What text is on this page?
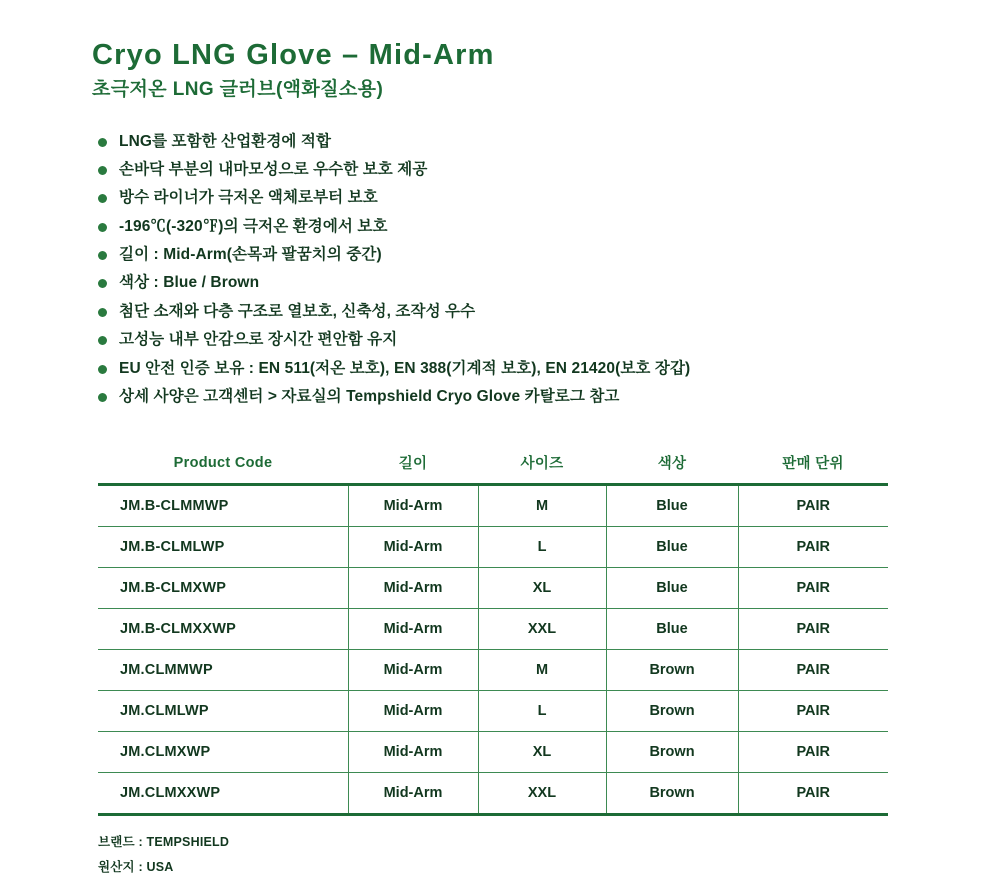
Cryo LNG Glove – Mid-Arm
초극저온 LNG 글러브(액화질소용)
LNG를 포함한 산업환경에 적합
손바닥 부분의 내마모성으로 우수한 보호 제공
방수 라이너가 극저온 액체로부터 보호
-196℃(-320℉)의 극저온 환경에서 보호
길이 : Mid-Arm(손목과 팔꿈치의 중간)
색상 : Blue / Brown
첨단 소재와 다층 구조로 열보호, 신축성, 조작성 우수
고성능 내부 안감으로 장시간 편안함 유지
EU 안전 인증 보유 : EN 511(저온 보호), EN 388(기계적 보호), EN 21420(보호 장갑)
상세 사양은 고객센터 > 자료실의 Tempshield Cryo Glove 카탈로그 참고
Product Code	길이	사이즈	색상	판매 단위
JM.B-CLMMWP	Mid-Arm	M	Blue	PAIR
JM.B-CLMLWP	Mid-Arm	L	Blue	PAIR
JM.B-CLMXWP	Mid-Arm	XL	Blue	PAIR
JM.B-CLMXXWP	Mid-Arm	XXL	Blue	PAIR
JM.CLMMWP	Mid-Arm	M	Brown	PAIR
JM.CLMLWP	Mid-Arm	L	Brown	PAIR
JM.CLMXWP	Mid-Arm	XL	Brown	PAIR
JM.CLMXXWP	Mid-Arm	XXL	Brown	PAIR
브랜드 : TEMPSHIELD
원산지 : USA
